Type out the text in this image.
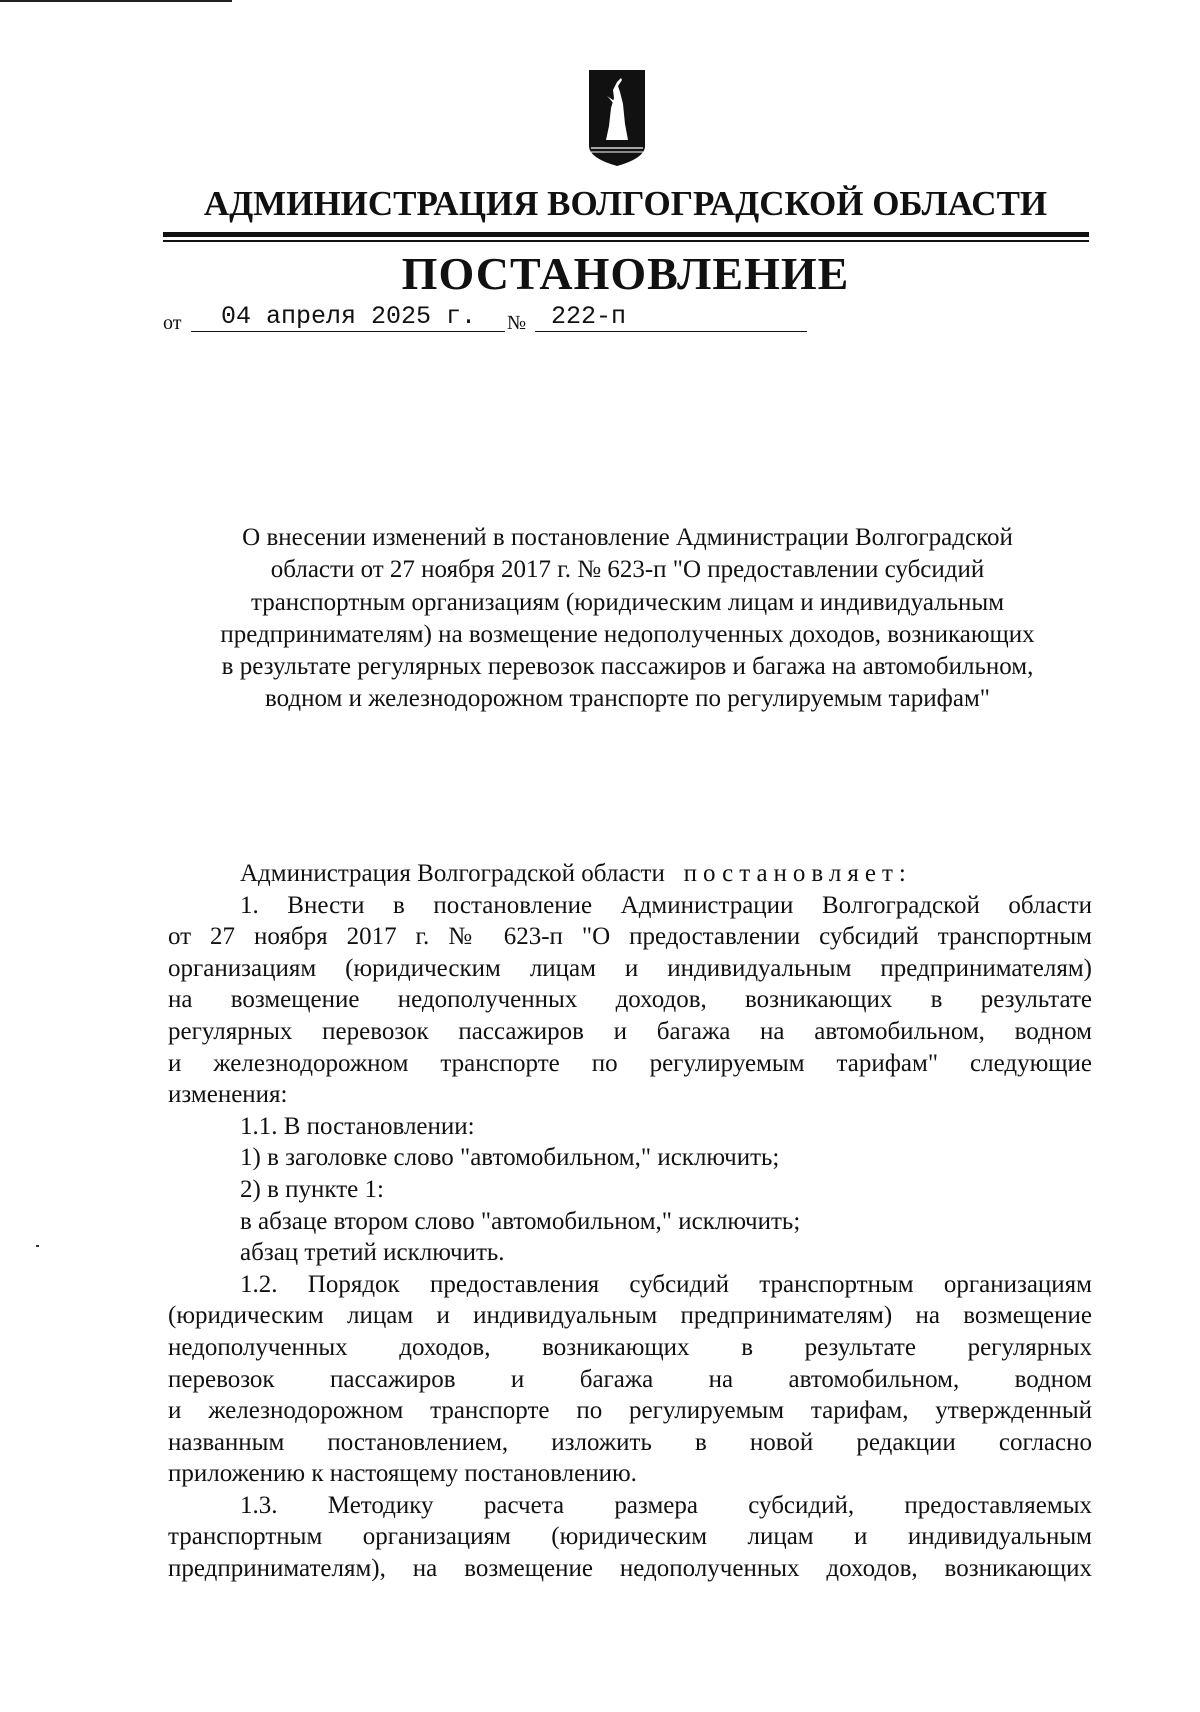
АДМИНИСТРАЦИЯ ВОЛГОГРАДСКОЙ ОБЛАСТИ
ПОСТАНОВЛЕНИЕ
от	04 апреля 2025 г.	№ 222-п
О внесении изменений в постановление Администрации Волгоградской
области от 27 ноября 2017 г. № 623-п "О предоставлении субсидий
транспортным организациям (юридическим лицам и индивидуальным
предпринимателям) на возмещение недополученных доходов, возникающих
в результате регулярных перевозок пассажиров и багажа на автомобильном,
водном и железнодорожном транспорте по регулируемым тарифам"
Администрация Волгоградской области постановляет:
1. Внести в постановление Администрации Волгоградской области
от 27 ноября 2017 г. № 623-п "О предоставлении субсидий транспортным
организациям (юридическим лицам и индивидуальным предпринимателям)
на возмещение недополученных доходов, возникающих в результате
регулярных перевозок пассажиров и багажа на автомобильном, водном
и железнодорожном транспорте по регулируемым тарифам" следующие
изменения:
1.1. В постановлении:
1) в заголовке слово "автомобильном," исключить;
2) в пункте 1:
в абзаце втором слово "автомобильном," исключить;
абзац третий исключить.
1.2. Порядок предоставления субсидий транспортным организациям
(юридическим лицам и индивидуальным предпринимателям) на возмещение
недополученных доходов, возникающих в результате регулярных
перевозок пассажиров и багажа на автомобильном, водном
и железнодорожном транспорте по регулируемым тарифам, утвержденный
названным постановлением, изложить в новой редакции согласно
приложению к настоящему постановлению.
1.3. Методику расчета размера субсидий, предоставляемых
транспортным организациям (юридическим лицам и индивидуальным
предпринимателям), на возмещение недополученных доходов, возникающих
